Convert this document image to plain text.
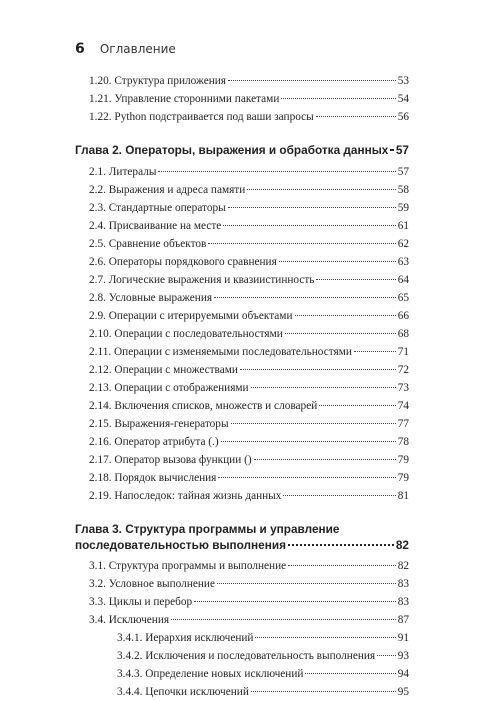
6 Оглавление
1.20. Структура приложения	53
1.21. Управление сторонними пакетами	54
1.22. Python подстраивается под ваши запросы	56
Глава 2. Операторы, выражения и обработка данных 57
2.1. Литералы	57
2.2. Выражения и адреса памяти	58
2.3. Стандартные операторы	59
2.4. Присваивание на месте	61
2.5. Сравнение объектов	62
2.6. Операторы порядкового сравнения	63
2.7. Логические выражения и квазиистинность	64
2.8. Условные выражения	65
2.9. Операции с итерируемыми объектами	66
2.10. Операции с последовательностями	68
2.11. Операции с изменяемыми последовательностями	71
2.12. Операции с множествами	72
2.13. Операции с отображениями	73
2.14. Включения списков, множеств и словарей	74
2.15. Выражения-генераторы	77
2.16. Оператор атрибута (.)	78
2.17. Оператор вызова функции ()	79
2.18. Порядок вычисления	79
2.19. Напоследок: тайная жизнь данных	81
Глава 3. Структура программы и управление
последовательностью выполнения	82
3.1. Структура программы и выполнение	82
3.2. Условное выполнение	83
3.3. Циклы и перебор	83
3.4. Исключения	87
3.4.1. Иерархия исключений	91
3.4.2. Исключения и последовательность выполнения 93
3.4.3. Определение новых исключений	94
3.4.4. Цепочки исключений	95
